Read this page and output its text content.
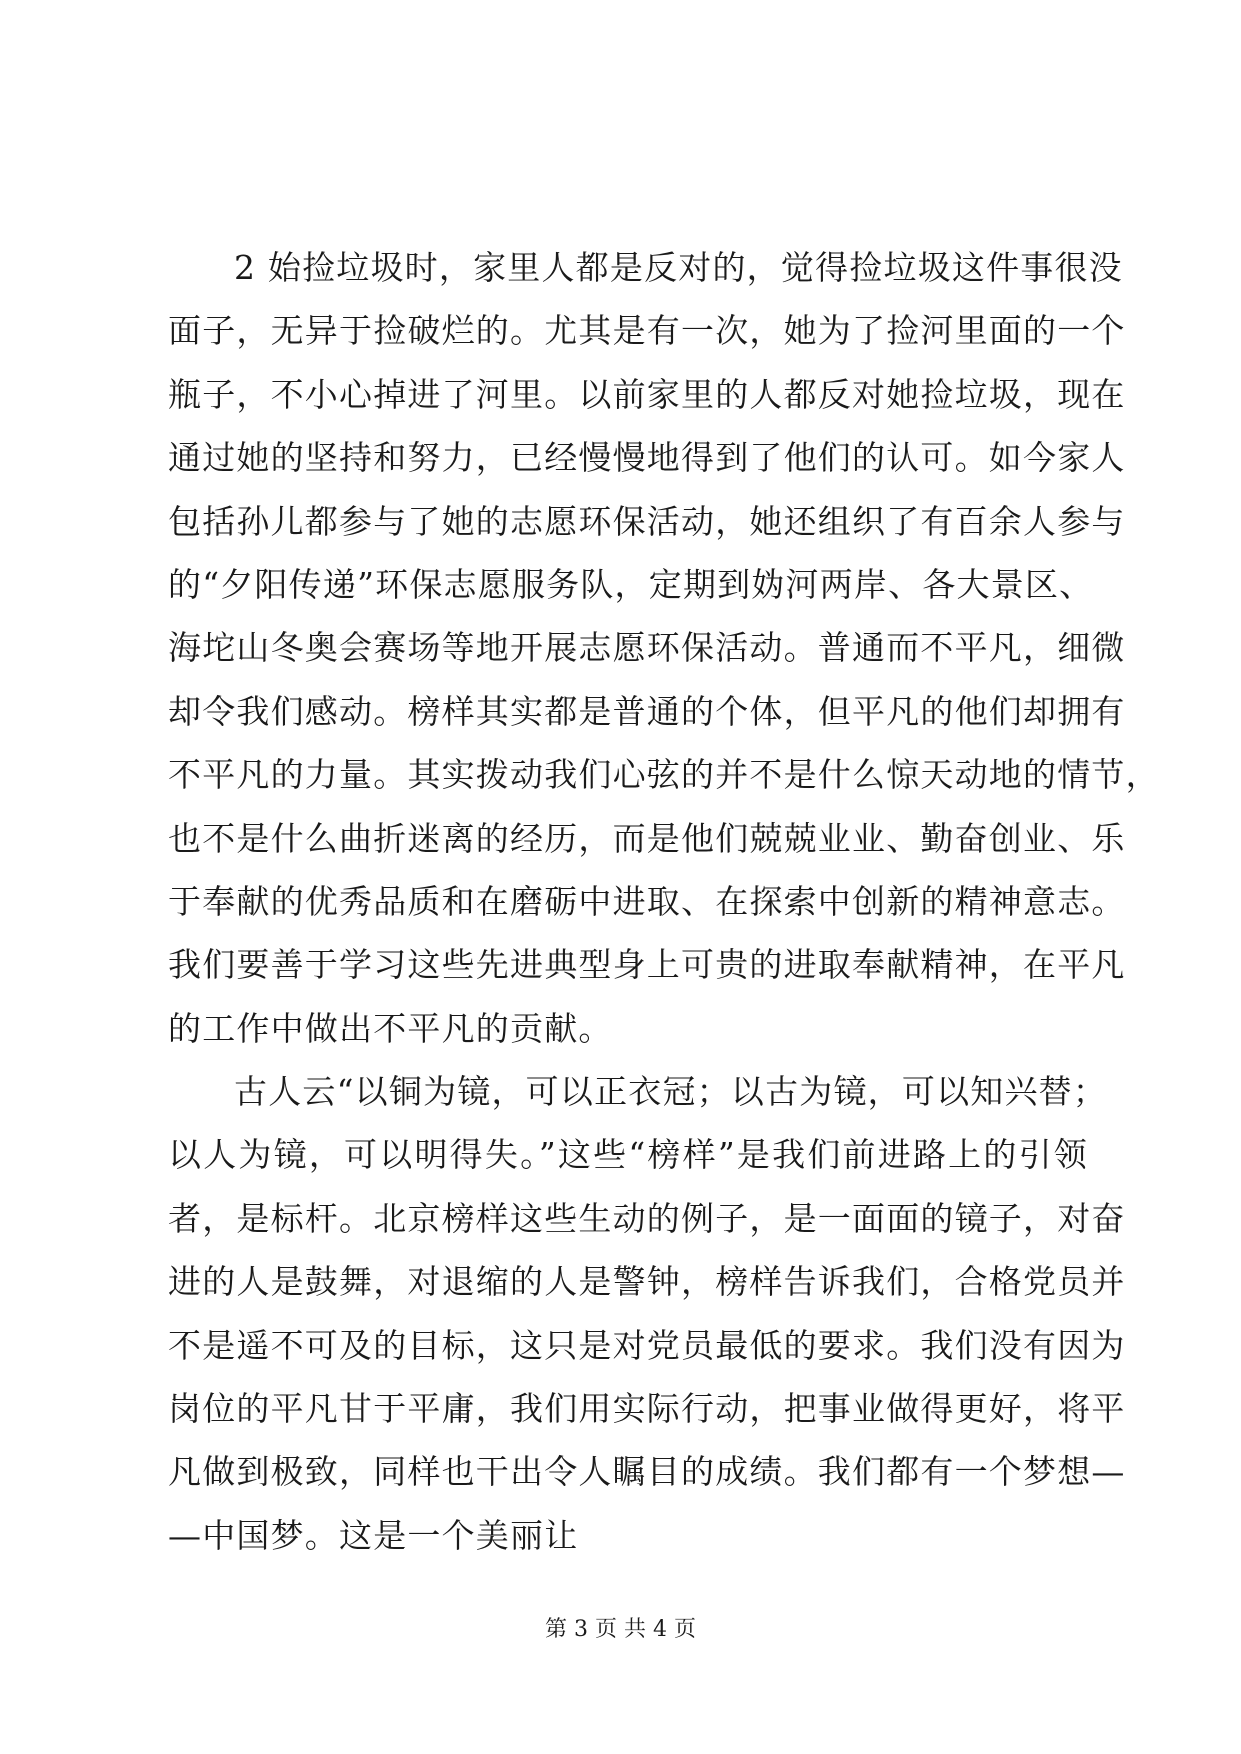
2 始捡垃圾时，家里人都是反对的，觉得捡垃圾这件事很没
面子，无异于捡破烂的。尤其是有一次，她为了捡河里面的一个
瓶子，不小心掉进了河里。以前家里的人都反对她捡垃圾，现在
通过她的坚持和努力，已经慢慢地得到了他们的认可。如今家人
包括孙儿都参与了她的志愿环保活动，她还组织了有百余人参与
的“夕阳传递”环保志愿服务队，定期到妫河两岸、各大景区、
海坨山冬奥会赛场等地开展志愿环保活动。普通而不平凡，细微
却令我们感动。榜样其实都是普通的个体，但平凡的他们却拥有
不平凡的力量。其实拨动我们心弦的并不是什么惊天动地的情节，
也不是什么曲折迷离的经历，而是他们兢兢业业、勤奋创业、乐
于奉献的优秀品质和在磨砺中进取、在探索中创新的精神意志。
我们要善于学习这些先进典型身上可贵的进取奉献精神，在平凡
的工作中做出不平凡的贡献。
古人云“以铜为镜，可以正衣冠；以古为镜，可以知兴替；
以人为镜，可以明得失。”这些“榜样”是我们前进路上的引领
者，是标杆。北京榜样这些生动的例子，是一面面的镜子，对奋
进的人是鼓舞，对退缩的人是警钟，榜样告诉我们，合格党员并
不是遥不可及的目标，这只是对党员最低的要求。我们没有因为
岗位的平凡甘于平庸，我们用实际行动，把事业做得更好，将平
凡做到极致，同样也干出令人瞩目的成绩。我们都有一个梦想—
—中国梦。这是一个美丽让
第 3 页 共 4 页
